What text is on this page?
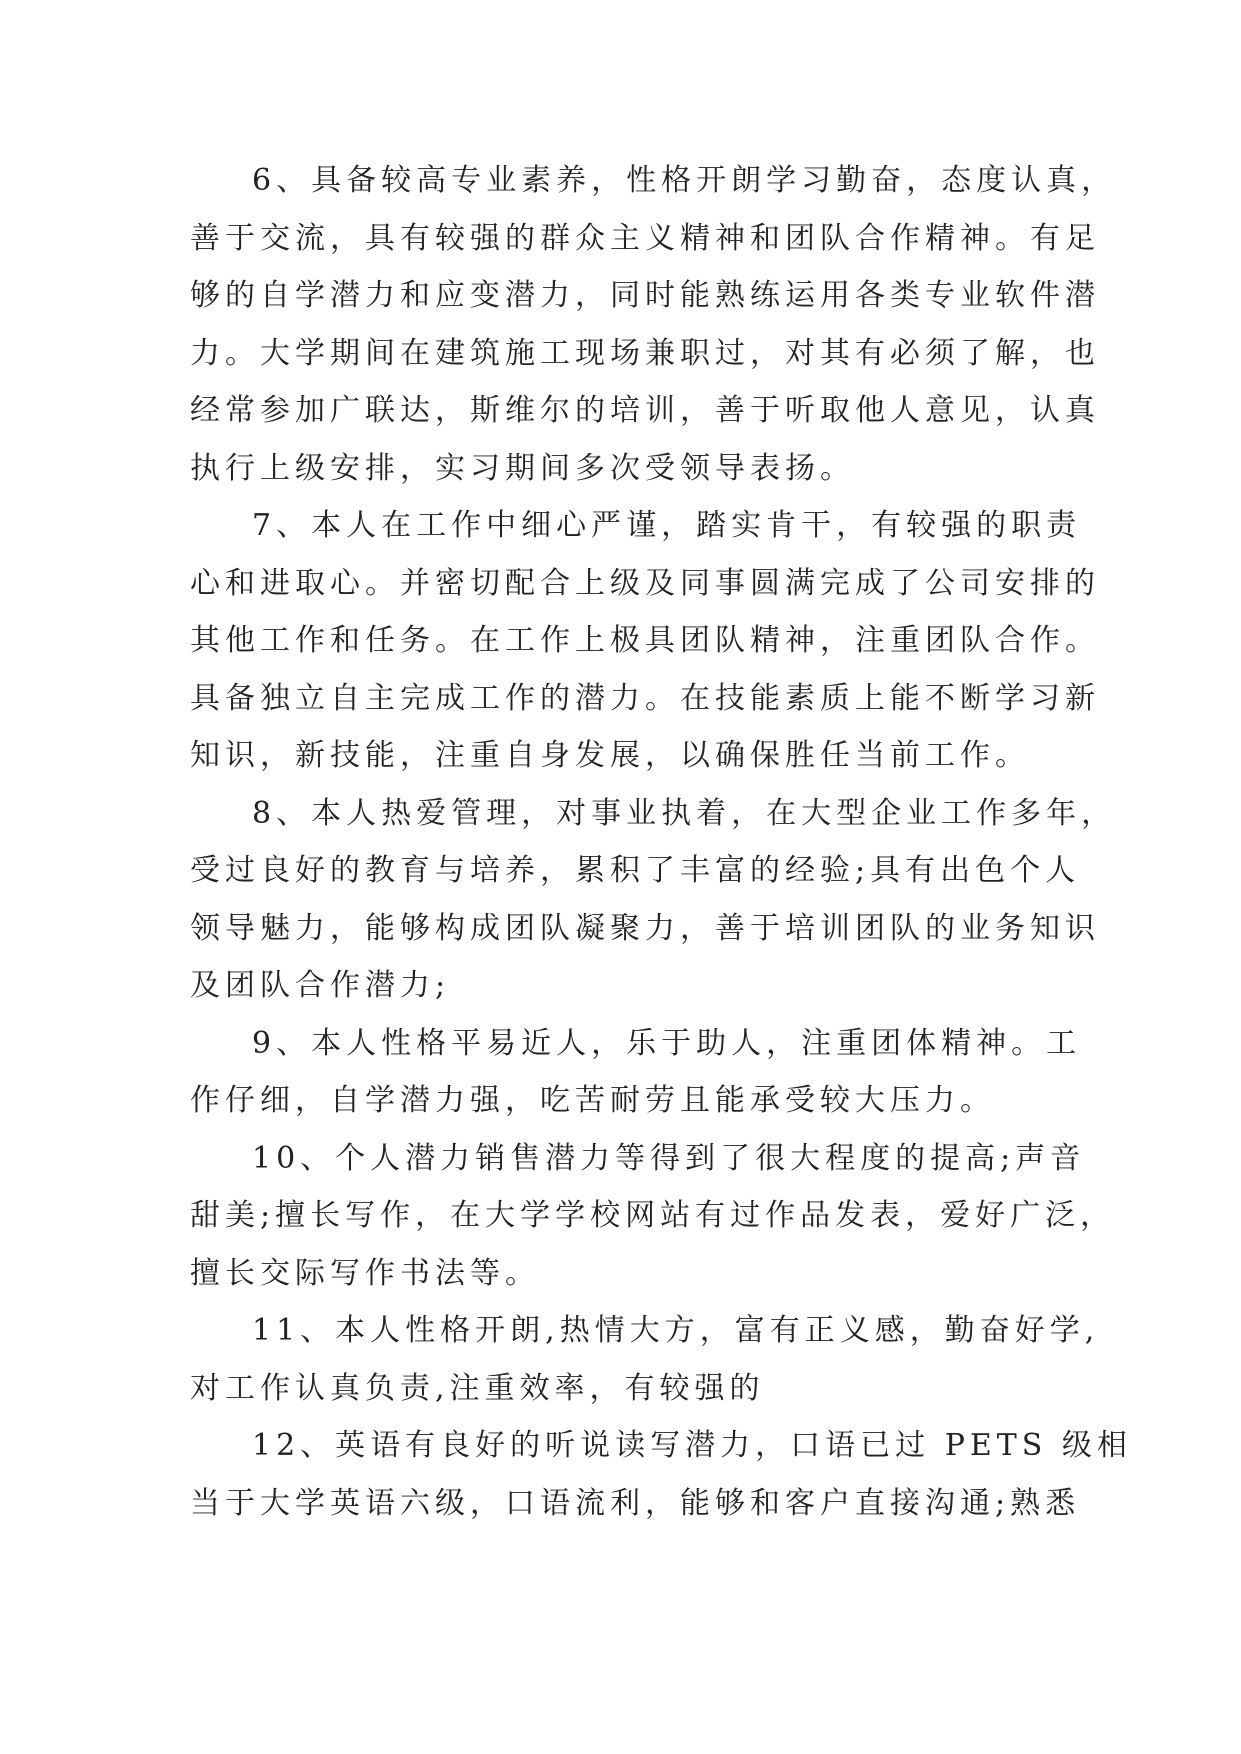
6、具备较高专业素养，性格开朗学习勤奋，态度认真，
善于交流，具有较强的群众主义精神和团队合作精神。有足
够的自学潜力和应变潜力，同时能熟练运用各类专业软件潜
力。大学期间在建筑施工现场兼职过，对其有必须了解，也
经常参加广联达，斯维尔的培训，善于听取他人意见，认真
执行上级安排，实习期间多次受领导表扬。
7、本人在工作中细心严谨，踏实肯干，有较强的职责
心和进取心。并密切配合上级及同事圆满完成了公司安排的
其他工作和任务。在工作上极具团队精神，注重团队合作。
具备独立自主完成工作的潜力。在技能素质上能不断学习新
知识，新技能，注重自身发展，以确保胜任当前工作。
8、本人热爱管理，对事业执着，在大型企业工作多年，
受过良好的教育与培养，累积了丰富的经验;具有出色个人
领导魅力，能够构成团队凝聚力，善于培训团队的业务知识
及团队合作潜力;
9、本人性格平易近人，乐于助人，注重团体精神。工
作仔细，自学潜力强，吃苦耐劳且能承受较大压力。
10、个人潜力销售潜力等得到了很大程度的提高;声音
甜美;擅长写作，在大学学校网站有过作品发表，爱好广泛，
擅长交际写作书法等。
11、本人性格开朗,热情大方，富有正义感，勤奋好学,
对工作认真负责,注重效率，有较强的
12、英语有良好的听说读写潜力，口语已过 PETS 级相
当于大学英语六级，口语流利，能够和客户直接沟通;熟悉
